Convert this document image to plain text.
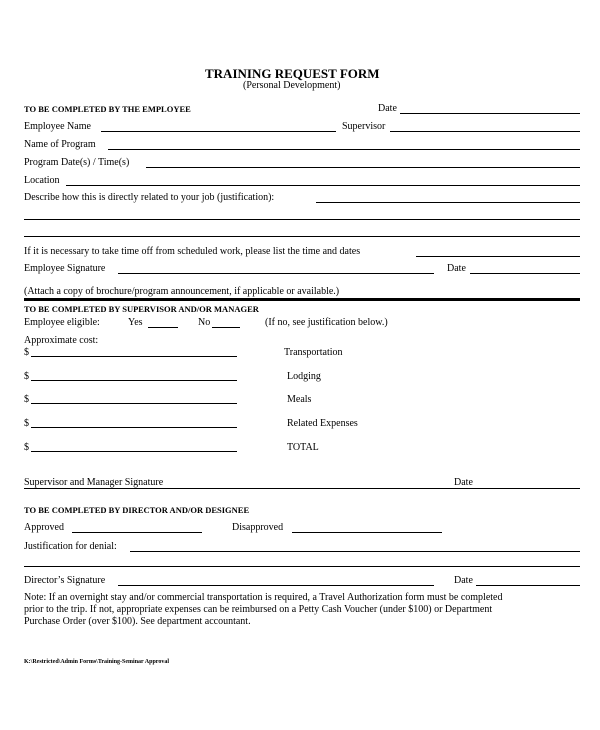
TRAINING REQUEST FORM
(Personal Development)
TO BE COMPLETED BY THE EMPLOYEE	Date
Employee Name	Supervisor
Name of Program
Program Date(s) / Time(s)
Location
Describe how this is directly related to your job (justification):
If it is necessary to take time off from scheduled work, please list the time and dates
Employee Signature	Date
(Attach a copy of brochure/program announcement, if applicable or available.)
TO BE COMPLETED BY SUPERVISOR AND/OR MANAGER
Employee eligible:	Yes	No	(If no, see justification below.)
Approximate cost:
$	Transportation
$	Lodging
$	Meals
$	Related Expenses
$	TOTAL
Supervisor and Manager Signature	Date
TO BE COMPLETED BY DIRECTOR AND/OR DESIGNEE
Approved	Disapproved
Justification for denial:
Director’s Signature	Date
Note: If an overnight stay and/or commercial transportation is required, a Travel Authorization form must be completed
prior to the trip. If not, appropriate expenses can be reimbursed on a Petty Cash Voucher (under $100) or Department
Purchase Order (over $100). See department accountant.
K:\Restricted\Admin Forms\Training-Seminar Approval
